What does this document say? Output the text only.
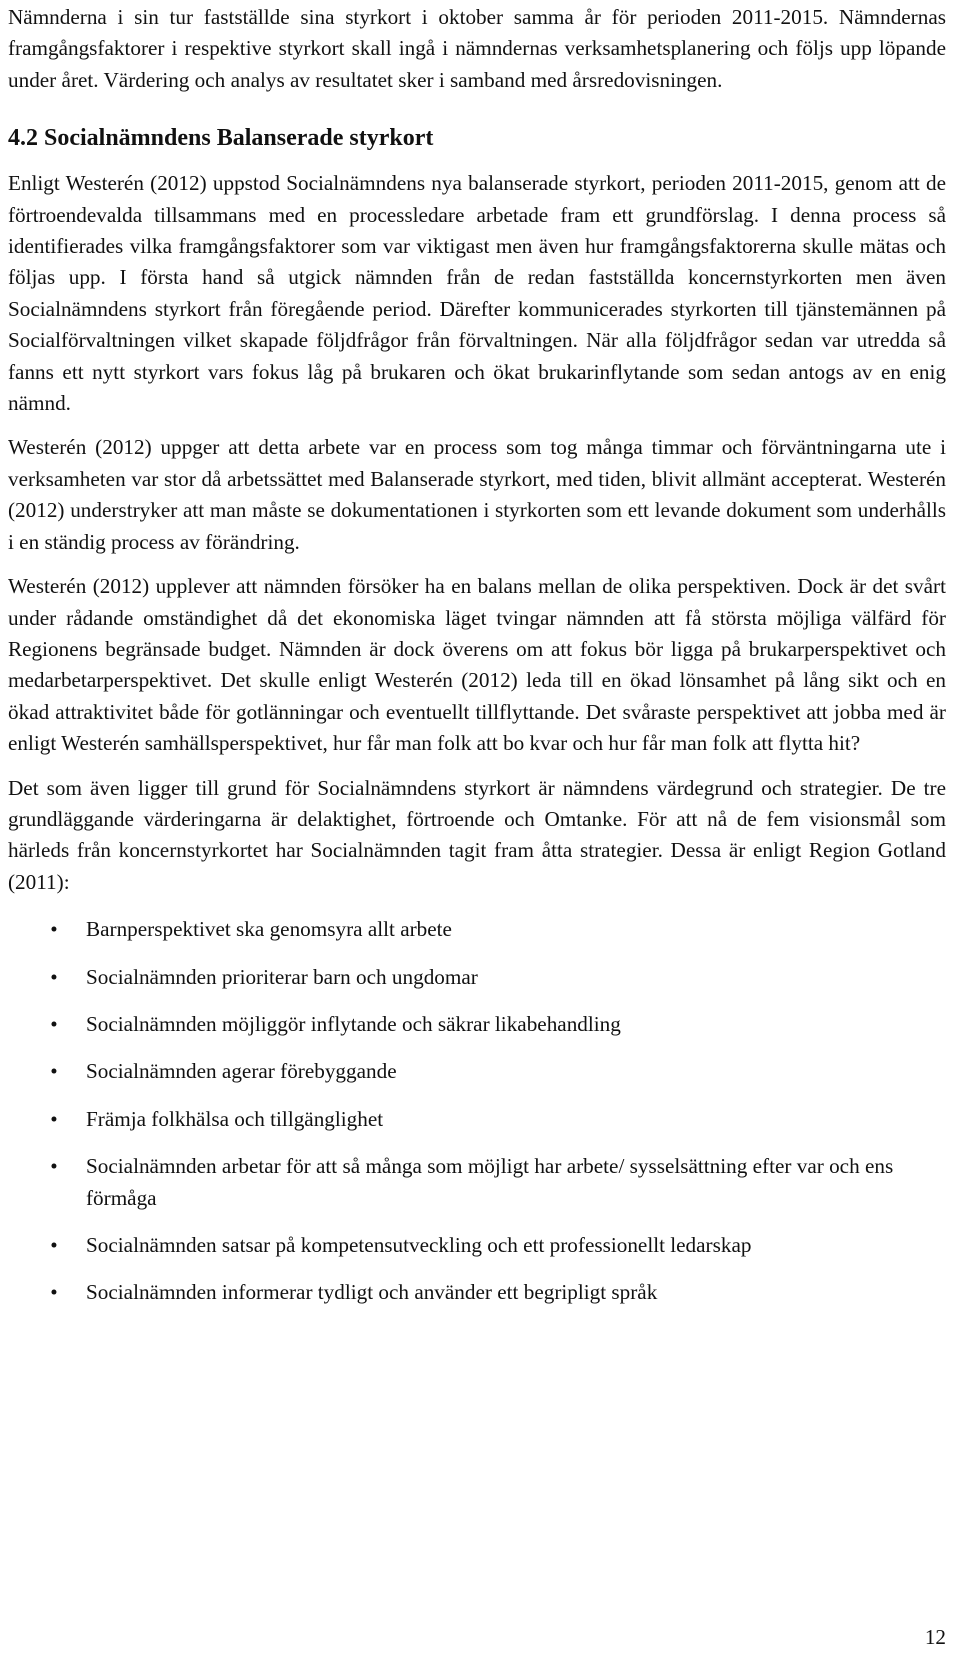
Nämnderna i sin tur fastställde sina styrkort i oktober samma år för perioden 2011-2015. Nämndernas framgångsfaktorer i respektive styrkort skall ingå i nämndernas verksamhetsplanering och följs upp löpande under året. Värdering och analys av resultatet sker i samband med årsredovisningen.

4.2 Socialnämndens Balanserade styrkort

Enligt Westerén (2012) uppstod Socialnämndens nya balanserade styrkort, perioden 2011-2015, genom att de förtroendevalda tillsammans med en processledare arbetade fram ett grundförslag. I denna process så identifierades vilka framgångsfaktorer som var viktigast men även hur framgångsfaktorerna skulle mätas och följas upp. I första hand så utgick nämnden från de redan fastställda koncernstyrkorten men även Socialnämndens styrkort från föregående period. Därefter kommunicerades styrkorten till tjänstemännen på Socialförvaltningen vilket skapade följdfrågor från förvaltningen. När alla följdfrågor sedan var utredda så fanns ett nytt styrkort vars fokus låg på brukaren och ökat brukarinflytande som sedan antogs av en enig nämnd.

Westerén (2012) uppger att detta arbete var en process som tog många timmar och förväntningarna ute i verksamheten var stor då arbetssättet med Balanserade styrkort, med tiden, blivit allmänt accepterat. Westerén (2012) understryker att man måste se dokumentationen i styrkorten som ett levande dokument som underhålls i en ständig process av förändring.

Westerén (2012) upplever att nämnden försöker ha en balans mellan de olika perspektiven. Dock är det svårt under rådande omständighet då det ekonomiska läget tvingar nämnden att få största möjliga välfärd för Regionens begränsade budget. Nämnden är dock överens om att fokus bör ligga på brukarperspektivet och medarbetarperspektivet. Det skulle enligt Westerén (2012) leda till en ökad lönsamhet på lång sikt och en ökad attraktivitet både för gotlänningar och eventuellt tillflyttande. Det svåraste perspektivet att jobba med är enligt Westerén samhällsperspektivet, hur får man folk att bo kvar och hur får man folk att flytta hit?

Det som även ligger till grund för Socialnämndens styrkort är nämndens värdegrund och strategier. De tre grundläggande värderingarna är delaktighet, förtroende och Omtanke. För att nå de fem visionsmål som härleds från koncernstyrkortet har Socialnämnden tagit fram åtta strategier. Dessa är enligt Region Gotland (2011):

• Barnperspektivet ska genomsyra allt arbete
• Socialnämnden prioriterar barn och ungdomar
• Socialnämnden möjliggör inflytande och säkrar likabehandling
• Socialnämnden agerar förebyggande
• Främja folkhälsa och tillgänglighet
• Socialnämnden arbetar för att så många som möjligt har arbete/ sysselsättning efter var och ens förmåga
• Socialnämnden satsar på kompetensutveckling och ett professionellt ledarskap
• Socialnämnden informerar tydligt och använder ett begripligt språk
12
